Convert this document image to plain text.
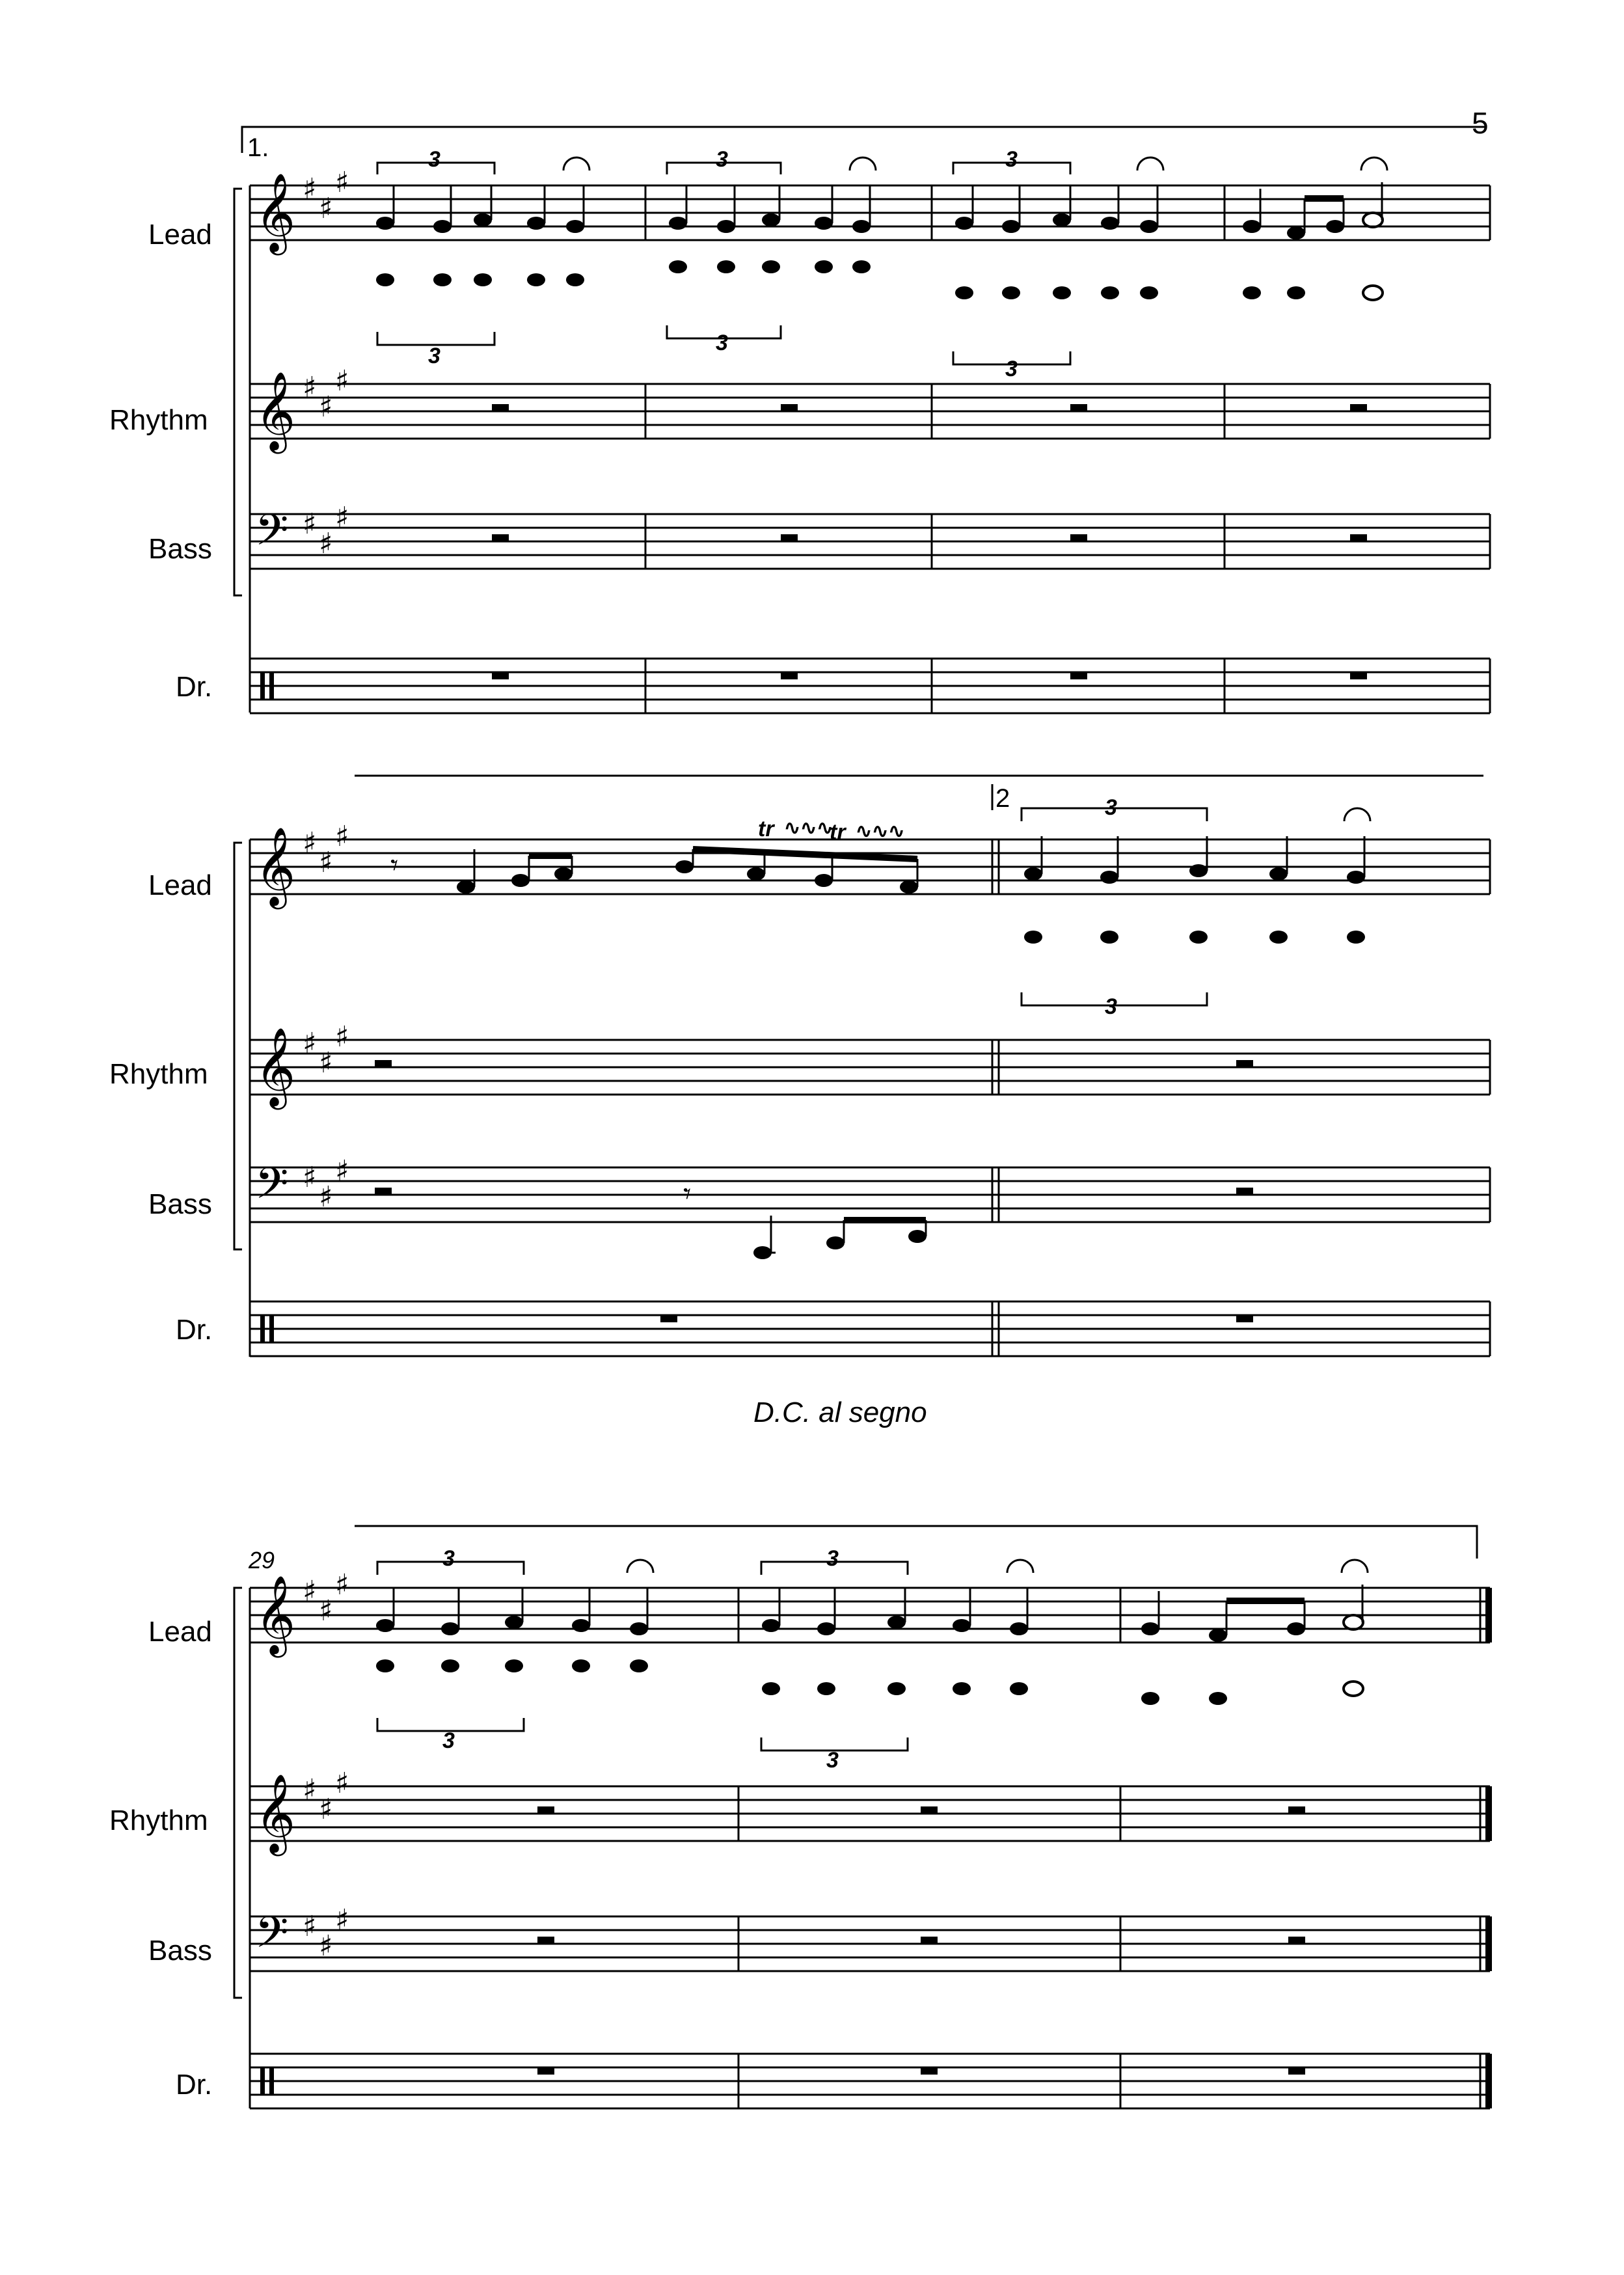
5
1.
Lead
Rhythm
Bass
Dr.
𝄞
𝄞
𝄢
♯
♯
♯
♯
♯
♯
♯
♯
♯
3
3
3
3
3
3
2
Lead
Rhythm
Bass
Dr.
𝄞
𝄞
𝄢
♯
♯
♯
♯
♯
♯
♯
♯
♯
𝄾
tr ∿∿∿
tr ∿∿∿
3
3
𝄾
D.C. al segno
29
Lead
Rhythm
Bass
Dr.
𝄞
𝄞
𝄢
♯
♯
♯
♯
♯
♯
♯
♯
♯
3
3
3
3
